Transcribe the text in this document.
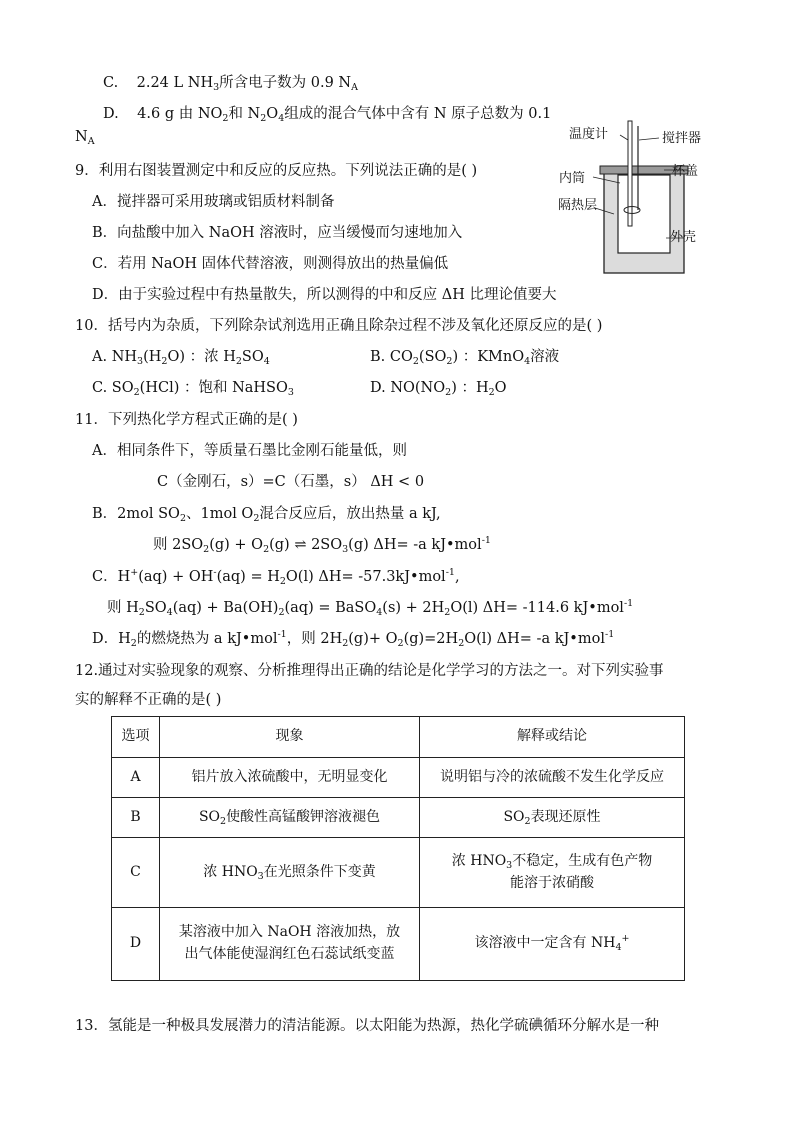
C. 2.24 L $NH_3$所含电子数为 0.9 $N_A$
D. 4.6 g 由 $NO_2$和 $N_2O_4$组成的混合气体中含有 N 原子总数为 0.1
$N_A$	温度计	搅拌器
杯盖
内筒
隔热层
外壳
9．利用右图装置测定中和反应的反应热。下列说法正确的是( )
A．搅拌器可采用玻璃或铝质材料制备
B．向盐酸中加入 NaOH 溶液时，应当缓慢而匀速地加入
C．若用 NaOH 固体代替溶液，则测得放出的热量偏低
D．由于实验过程中有热量散失，所以测得的中和反应 ΔH 比理论值要大
10．括号内为杂质，下列除杂试剂选用正确且除杂过程不涉及氧化还原反应的是( )
A. $NH_3(H_2O)$ ：浓 $H_2SO_4$	B. $CO_2(SO_2)$ ：KMnO$_4$溶液
C. $SO_2(HCl)$ ：饱和 NaHSO$_3$	D. $NO(NO_2)$ ：$H_2O$
11．下列热化学方程式正确的是( )
A．相同条件下，等质量石墨比金刚石能量低，则
C（金刚石，s）=C（石墨，s） ΔH < 0
B．2mol $SO_2$、1mol $O_2$混合反应后，放出热量 a kJ,
则 $2SO_2(g) + O_2(g)$ ⇌ $2SO_3(g)$ ΔH= -a kJ•mol$^{-1}$
C．$H^+(aq) + OH^-(aq) = H_2O(l)$ ΔH= -57.3kJ•mol$^{-1}$,
则 $H_2SO_4(aq) + Ba(OH)_2(aq)$ = BaSO$_4$(s) + $2H_2O(l)$ ΔH= -114.6 kJ•mol$^{-1}$
D．$H_2$的燃烧热为 a kJ•mol$^{-1}$，则 $2H_2(g)+ O_2(g)=2H_2O(l)$ ΔH= -a kJ•mol$^{-1}$
12.通过对实验现象的观察、分析推理得出正确的结论是化学学习的方法之一。对下列实验事
实的解释不正确的是( )
选项	现象	解释或结论
A	铝片放入浓硫酸中，无明显变化	说明铝与冷的浓硫酸不发生化学反应
B	$SO_2$使酸性高锰酸钾溶液褪色	$SO_2$表现还原性
C	浓 $HNO_3$在光照条件下变黄	浓 $HNO_3$不稳定，生成有色产物
能溶于浓硝酸
D	某溶液中加入 NaOH 溶液加热，放
出气体能使湿润红色石蕊试纸变蓝	该溶液中一定含有 $NH_4^+$
13．氢能是一种极具发展潜力的清洁能源。以太阳能为热源，热化学硫碘循环分解水是一种
